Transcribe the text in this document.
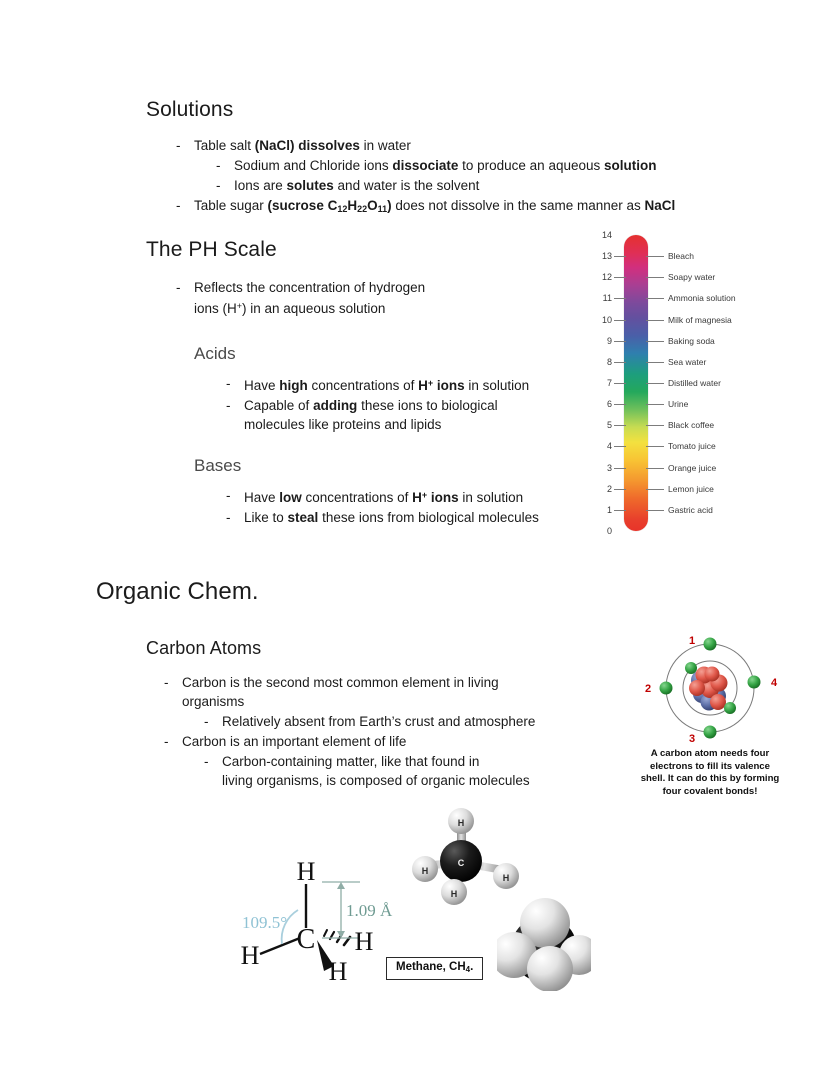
Solutions
-	Table salt (NaCl) dissolves in water
-	Sodium and Chloride ions dissociate to produce an aqueous solution
-	Ions are solutes and water is the solvent
-	Table sugar (sucrose $C_{12}H_{22}O_{11}$) does not dissolve in the same manner as NaCl
The PH Scale
-	Reflects the concentration of hydrogen
ions (H+) in an aqueous solution
Acids
-	Have high concentrations of H+ ions in solution
-	Capable of adding these ions to biological
molecules like proteins and lipids
Bases
-	Have low concentrations of H+ ions in solution
-	Like to steal these ions from biological molecules
14
13
12
11
10
9
8
7
6
5
4
3
2
1
0
Bleach
Soapy water
Ammonia solution
Milk of magnesia
Baking soda
Sea water
Distilled water
Urine
Black coffee
Tomato juice
Orange juice
Lemon juice
Gastric acid
Organic Chem.
Carbon Atoms
-	Carbon is the second most common element in living
organisms
-	Relatively absent from Earth’s crust and atmosphere
-	Carbon is an important element of life
-	Carbon-containing matter, like that found in
living organisms, is composed of organic molecules
1
2
3
4
A carbon atom needs four
electrons to fill its valence
shell. It can do this by forming
four covalent bonds!
H
H	H
H
C
109.5°
1.09 Å
C
H
H
H
H
Methane, $CH_4$.
